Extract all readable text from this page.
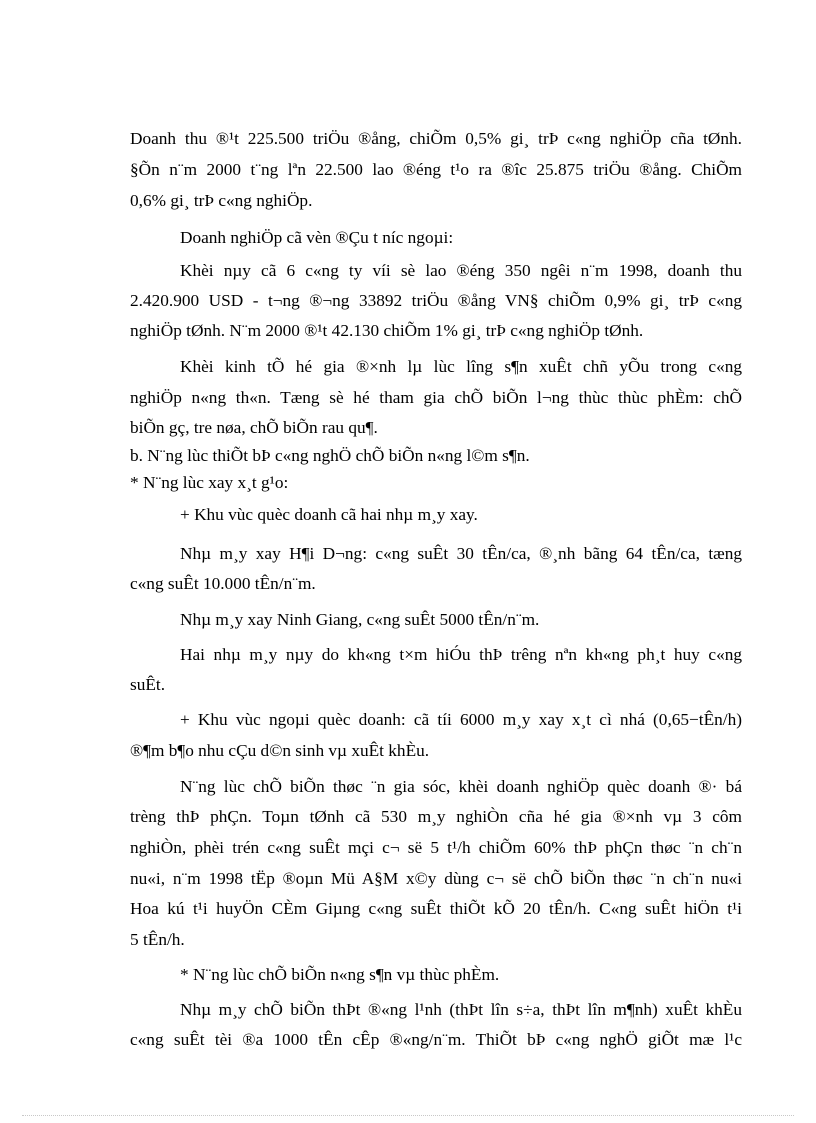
Doanh thu ®¹t 225.500 triÖu ®ång, chiÕm 0,5% gi¸ trÞ c«ng nghiÖp cña tØnh.
§Õn n¨m 2000 t¨ng lªn 22.500 lao ®éng t¹o ra ®îc 25.875 triÖu ®ång. ChiÕm
0,6% gi¸ trÞ c«ng nghiÖp.
Doanh nghiÖp cã vèn ®Çu t níc ngoµi:
Khèi nµy cã 6 c«ng ty víi sè lao ®éng 350 ngêi n¨m 1998, doanh thu
2.420.900 USD - t¬ng ®¬ng 33892 triÖu ®ång VN§ chiÕm 0,9% gi¸ trÞ c«ng
nghiÖp tØnh. N¨m 2000 ®¹t 42.130 chiÕm 1% gi¸ trÞ c«ng nghiÖp tØnh.
Khèi kinh tÕ hé gia ®×nh lµ lùc lîng s¶n xuÊt chñ yÕu trong c«ng
nghiÖp n«ng th«n. Tæng sè hé tham gia chÕ biÕn l¬ng thùc thùc phÈm: chÕ
biÕn gç, tre nøa, chÕ biÕn rau qu¶.
b. N¨ng lùc thiÕt bÞ c«ng nghÖ chÕ biÕn n«ng l©m s¶n.
* N¨ng lùc xay x¸t g¹o:
+ Khu vùc quèc doanh cã hai nhµ m¸y xay.
Nhµ m¸y xay H¶i D¬ng: c«ng suÊt 30 tÊn/ca, ®¸nh bãng 64 tÊn/ca, tæng
c«ng suÊt 10.000 tÊn/n¨m.
Nhµ m¸y xay Ninh Giang, c«ng suÊt 5000 tÊn/n¨m.
Hai nhµ m¸y nµy do kh«ng t×m hiÓu thÞ trêng nªn kh«ng ph¸t huy c«ng
suÊt.
+ Khu vùc ngoµi quèc doanh: cã tíi 6000 m¸y xay x¸t cì nhá (0,65−tÊn/h)
®¶m b¶o nhu cÇu d©n sinh vµ xuÊt khÈu.
N¨ng lùc chÕ biÕn thøc ¨n gia sóc, khèi doanh nghiÖp quèc doanh ®· bá
trèng thÞ phÇn. Toµn tØnh cã 530 m¸y nghiÒn cña hé gia ®×nh vµ 3 côm
nghiÒn, phèi trén c«ng suÊt mçi c¬ së 5 t¹/h chiÕm 60% thÞ phÇn thøc ¨n ch¨n
nu«i, n¨m 1998 tËp ®oµn Mü A§M x©y dùng c¬ së chÕ biÕn thøc ¨n ch¨n nu«i
Hoa kú t¹i huyÖn CÈm Giµng c«ng suÊt thiÕt kÕ 20 tÊn/h. C«ng suÊt hiÖn t¹i
5 tÊn/h.
* N¨ng lùc chÕ biÕn n«ng s¶n vµ thùc phÈm.
Nhµ m¸y chÕ biÕn thÞt ®«ng l¹nh (thÞt lîn s÷a, thÞt lîn m¶nh) xuÊt khÈu
c«ng suÊt tèi ®a 1000 tÊn cÊp ®«ng/n¨m. ThiÕt bÞ c«ng nghÖ giÕt mæ l¹c
